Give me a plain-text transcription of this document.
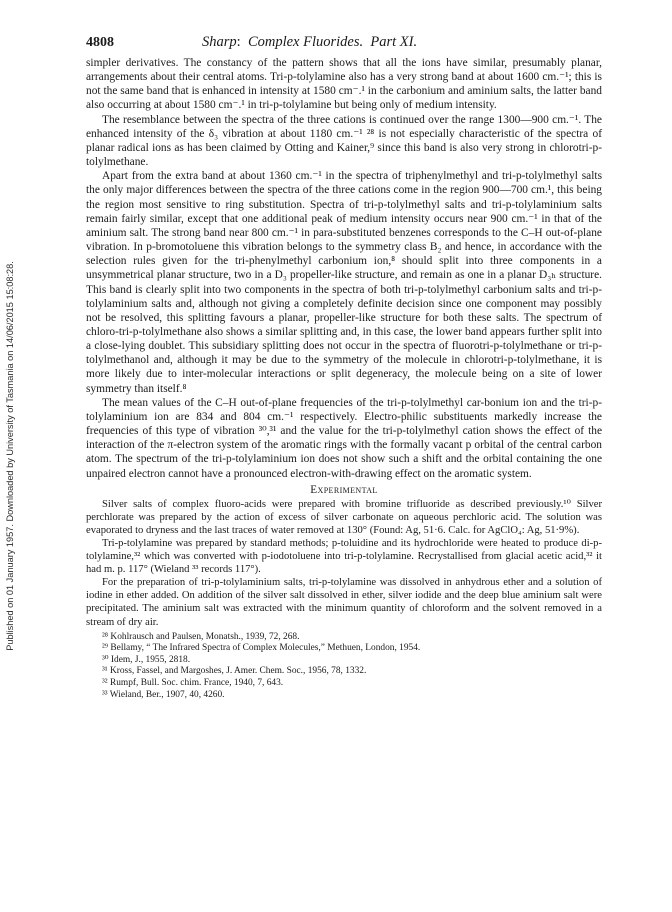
Published on 01 January 1957. Downloaded by University of Tasmania on 14/06/2015 15:08:28.
4808	Sharp: Complex Fluorides. Part XI.

simpler derivatives. The constancy of the pattern shows that all the ions have similar, presumably planar, arrangements about their central atoms. Tri-p-tolylamine also has a very strong band at about 1600 cm.⁻¹; this is not the same band that is enhanced in intensity at 1580 cm⁻.¹ in the carbonium and aminium salts, the latter band also occurring at about 1580 cm⁻.¹ in tri-p-tolylamine but being only of medium intensity.

The resemblance between the spectra of the three cations is continued over the range 1300—900 cm.⁻¹. The enhanced intensity of the δ₃ vibration at about 1180 cm.⁻¹ ²⁸ is not especially characteristic of the spectra of planar radical ions as has been claimed by Otting and Kainer,⁹ since this band is also very strong in chlorotri-p-tolylmethane.

Apart from the extra band at about 1360 cm.⁻¹ in the spectra of triphenylmethyl and tri-p-tolylmethyl salts the only major differences between the spectra of the three cations come in the region 900—700 cm.¹, this being the region most sensitive to ring substitution. Spectra of tri-p-tolylmethyl salts and tri-p-tolylaminium salts remain fairly similar, except that one additional peak of medium intensity occurs near 900 cm.⁻¹ in that of the aminium salt. The strong band near 800 cm.⁻¹ in para-substituted benzenes corresponds to the C–H out-of-plane vibration. In p-bromotoluene this vibration belongs to the symmetry class B₂ and hence, in accordance with the selection rules given for the tri-phenylmethyl carbonium ion,⁸ should split into three components in a unsymmetrical planar structure, two in a D₃ propeller-like structure, and remain as one in a planar D₃ₕ structure. This band is clearly split into two components in the spectra of both tri-p-tolylmethyl carbonium salts and tri-p-tolylaminium salts and, although not giving a completely definite decision since one component may possibly not be resolved, this splitting favours a planar, propeller-like structure for both these salts. The spectrum of chloro-tri-p-tolylmethane also shows a similar splitting and, in this case, the lower band appears further split into a close-lying doublet. This subsidiary splitting does not occur in the spectra of fluorotri-p-tolylmethane or tri-p-tolylmethanol and, although it may be due to the symmetry of the molecule in chlorotri-p-tolylmethane, it is more likely due to inter-molecular interactions or split degeneracy, the molecule being on a site of lower symmetry than itself.⁸

The mean values of the C–H out-of-plane frequencies of the tri-p-tolylmethyl car-bonium ion and the tri-p-tolylaminium ion are 834 and 804 cm.⁻¹ respectively. Electro-philic substituents markedly increase the frequencies of this type of vibration ³⁰,³¹ and the value for the tri-p-tolylmethyl cation shows the effect of the interaction of the π-electron system of the aromatic rings with the formally vacant p orbital of the central carbon atom. The spectrum of the tri-p-tolylaminium ion does not show such a shift and the orbital containing the one unpaired electron cannot have a pronounced electron-with-drawing effect on the aromatic system.

Experimental

Silver salts of complex fluoro-acids were prepared with bromine trifluoride as described previously.¹⁰ Silver perchlorate was prepared by the action of excess of silver carbonate on aqueous perchloric acid. The solution was evaporated to dryness and the last traces of water removed at 130° (Found: Ag, 51·6. Calc. for AgClO₄: Ag, 51·9%).

Tri-p-tolylamine was prepared by standard methods; p-toluidine and its hydrochloride were heated to produce di-p-tolylamine,³² which was converted with p-iodotoluene into tri-p-tolylamine. Recrystallised from glacial acetic acid,³² it had m. p. 117° (Wieland ³³ records 117°).

For the preparation of tri-p-tolylaminium salts, tri-p-tolylamine was dissolved in anhydrous ether and a solution of iodine in ether added. On addition of the silver salt dissolved in ether, silver iodide and the deep blue aminium salt were precipitated. The aminium salt was extracted with the minimum quantity of chloroform and the solvent removed in a stream of dry air.

²⁸ Kohlrausch and Paulsen, Monatsh., 1939, 72, 268.
²⁹ Bellamy, “ The Infrared Spectra of Complex Molecules,” Methuen, London, 1954.
³⁰ Idem, J., 1955, 2818.
³¹ Kross, Fassel, and Margoshes, J. Amer. Chem. Soc., 1956, 78, 1332.
³² Rumpf, Bull. Soc. chim. France, 1940, 7, 643.
³³ Wieland, Ber., 1907, 40, 4260.
